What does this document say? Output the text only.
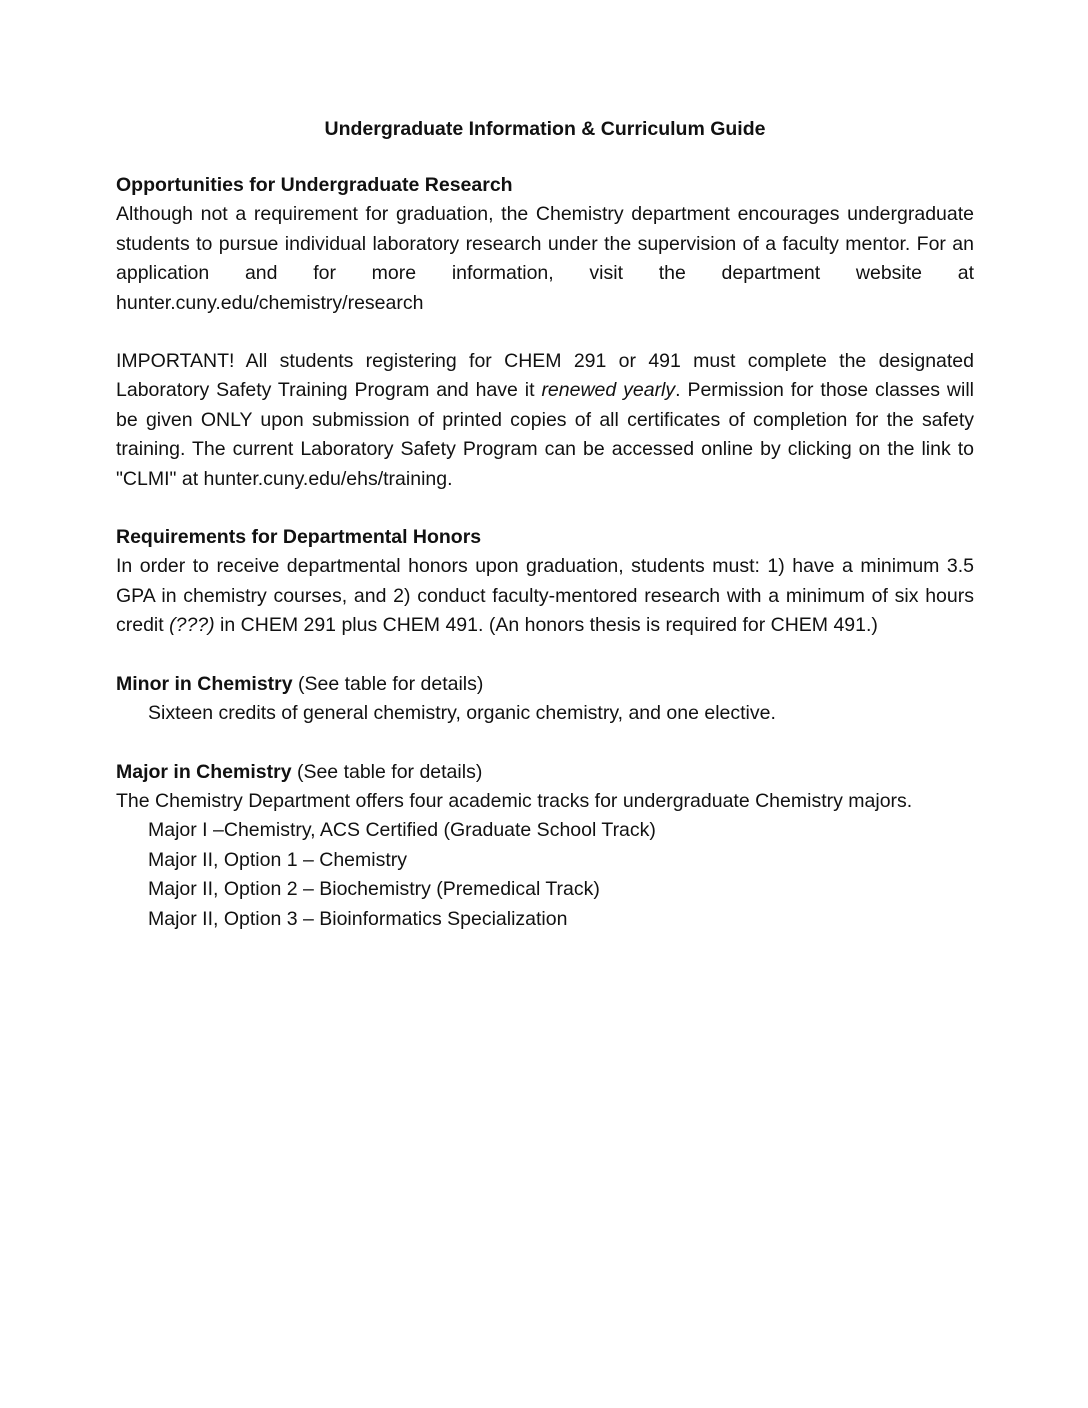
Undergraduate Information & Curriculum Guide
Opportunities for Undergraduate Research

Although not a requirement for graduation, the Chemistry department encourages undergraduate students to pursue individual laboratory research under the supervision of a faculty mentor. For an application and for more information, visit the department website at hunter.cuny.edu/chemistry/research

IMPORTANT! All students registering for CHEM 291 or 491 must complete the designated Laboratory Safety Training Program and have it renewed yearly. Permission for those classes will be given ONLY upon submission of printed copies of all certificates of completion for the safety training. The current Laboratory Safety Program can be accessed online by clicking on the link to "CLMI" at hunter.cuny.edu/ehs/training.

Requirements for Departmental Honors

In order to receive departmental honors upon graduation, students must: 1) have a minimum 3.5 GPA in chemistry courses, and 2) conduct faculty-mentored research with a minimum of six hours credit (???) in CHEM 291 plus CHEM 491. (An honors thesis is required for CHEM 491.)

Minor in Chemistry (See table for details)

Sixteen credits of general chemistry, organic chemistry, and one elective.

Major in Chemistry (See table for details)

The Chemistry Department offers four academic tracks for undergraduate Chemistry majors.

Major I –Chemistry, ACS Certified (Graduate School Track)
Major II, Option 1 – Chemistry
Major II, Option 2 – Biochemistry (Premedical Track)
Major II, Option 3 – Bioinformatics Specialization
